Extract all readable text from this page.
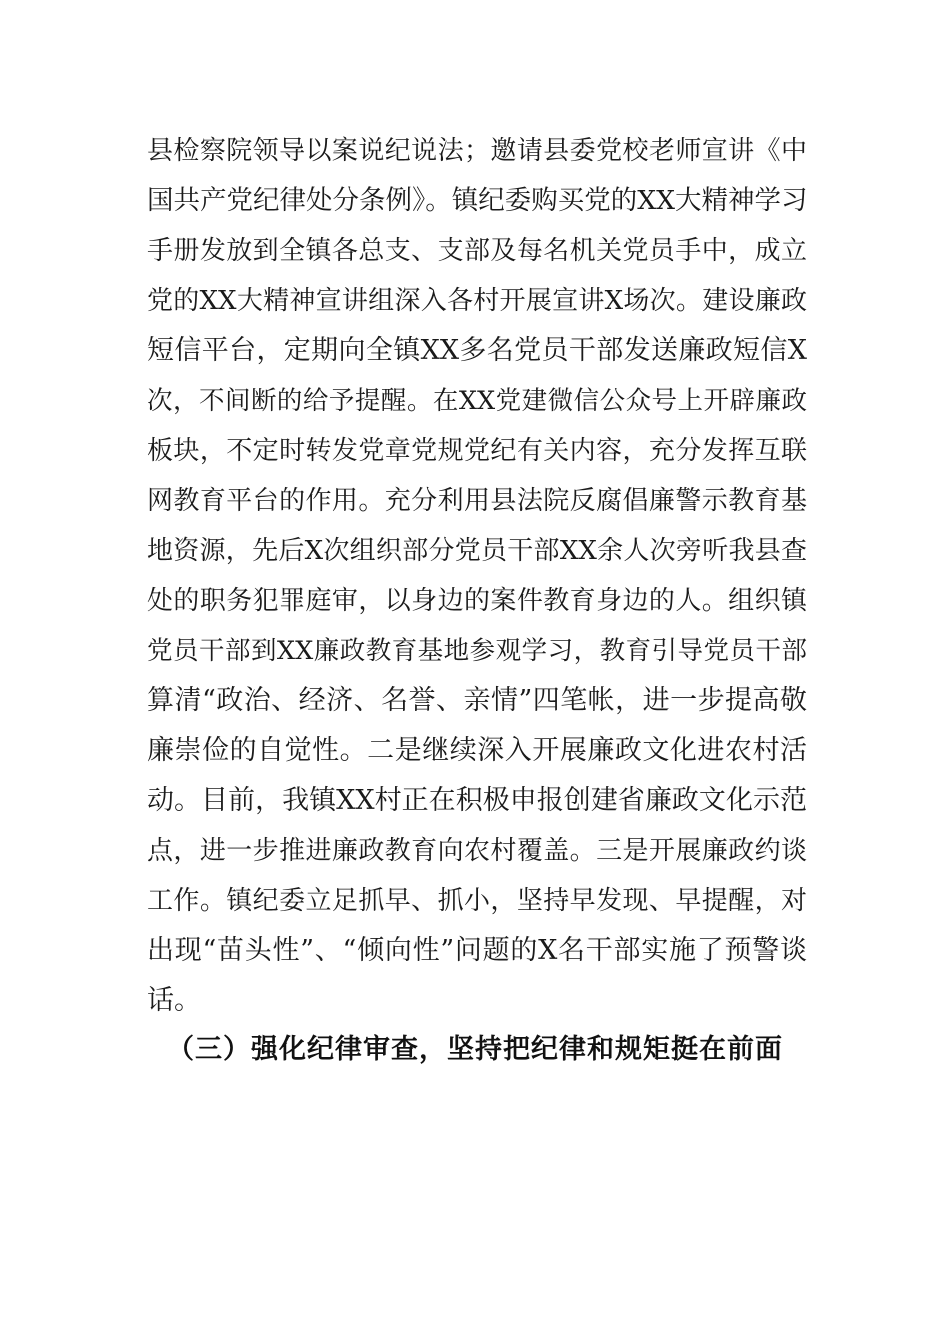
县检察院领导以案说纪说法；邀请县委党校老师宣讲《中
国共产党纪律处分条例》。镇纪委购买党的XX大精神学习
手册发放到全镇各总支、支部及每名机关党员手中，成立
党的XX大精神宣讲组深入各村开展宣讲X场次。建设廉政
短信平台，定期向全镇XX多名党员干部发送廉政短信X
次，不间断的给予提醒。在XX党建微信公众号上开辟廉政
板块，不定时转发党章党规党纪有关内容，充分发挥互联
网教育平台的作用。充分利用县法院反腐倡廉警示教育基
地资源，先后X次组织部分党员干部XX余人次旁听我县查
处的职务犯罪庭审，以身边的案件教育身边的人。组织镇
党员干部到XX廉政教育基地参观学习，教育引导党员干部
算清“政治、经济、名誉、亲情”四笔帐，进一步提高敬
廉崇俭的自觉性。二是继续深入开展廉政文化进农村活
动。目前，我镇XX村正在积极申报创建省廉政文化示范
点，进一步推进廉政教育向农村覆盖。三是开展廉政约谈
工作。镇纪委立足抓早、抓小，坚持早发现、早提醒，对
出现“苗头性”、“倾向性”问题的X名干部实施了预警谈
话。
（三）强化纪律审查，坚持把纪律和规矩挺在前面
